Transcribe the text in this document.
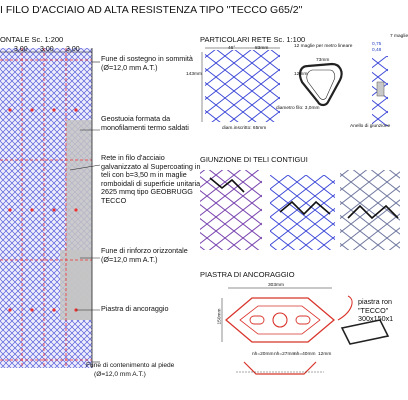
I FILO D'ACCIAIO AD ALTA RESISTENZA TIPO "TECCO G65/2"
ONTALE Sc. 1:200
3,00 3,00 3,00
Fune di sostegno in sommità
(Ø=12,0 mm A.T.)
Geostuoia formata da
monofilamenti termo saldati
Rete in filo d'acciaio
galvanizzato al Supercoating in
teli con b=3,50 m in maglie
romboidali di superficie unitaria
2625 mmq tipo GEOBRUGG
TECCO
Fune di rinforzo orizzontale
(Ø=12,0 mm A.T.)
Piastra di ancoraggio
Fune di contenimento al piede
(Ø=12,0 mm A.T.)
PARTICOLARI RETE Sc. 1:100
46°	83mm
143mm
diametro filo: 3,0mm
diam.inscritto: 65mm
12 maglie per metro lineare
73mm
12mm
Anello di giunzione
7 maglie
0,75
0,48
GIUNZIONE DI TELI CONTIGUI
PIASTRA DI ANCORAGGIO
303mm
150mm
nh=20mm nh=27mm
nh=40mm 12mm
piastra ron
"TECCO"
300x150x1
